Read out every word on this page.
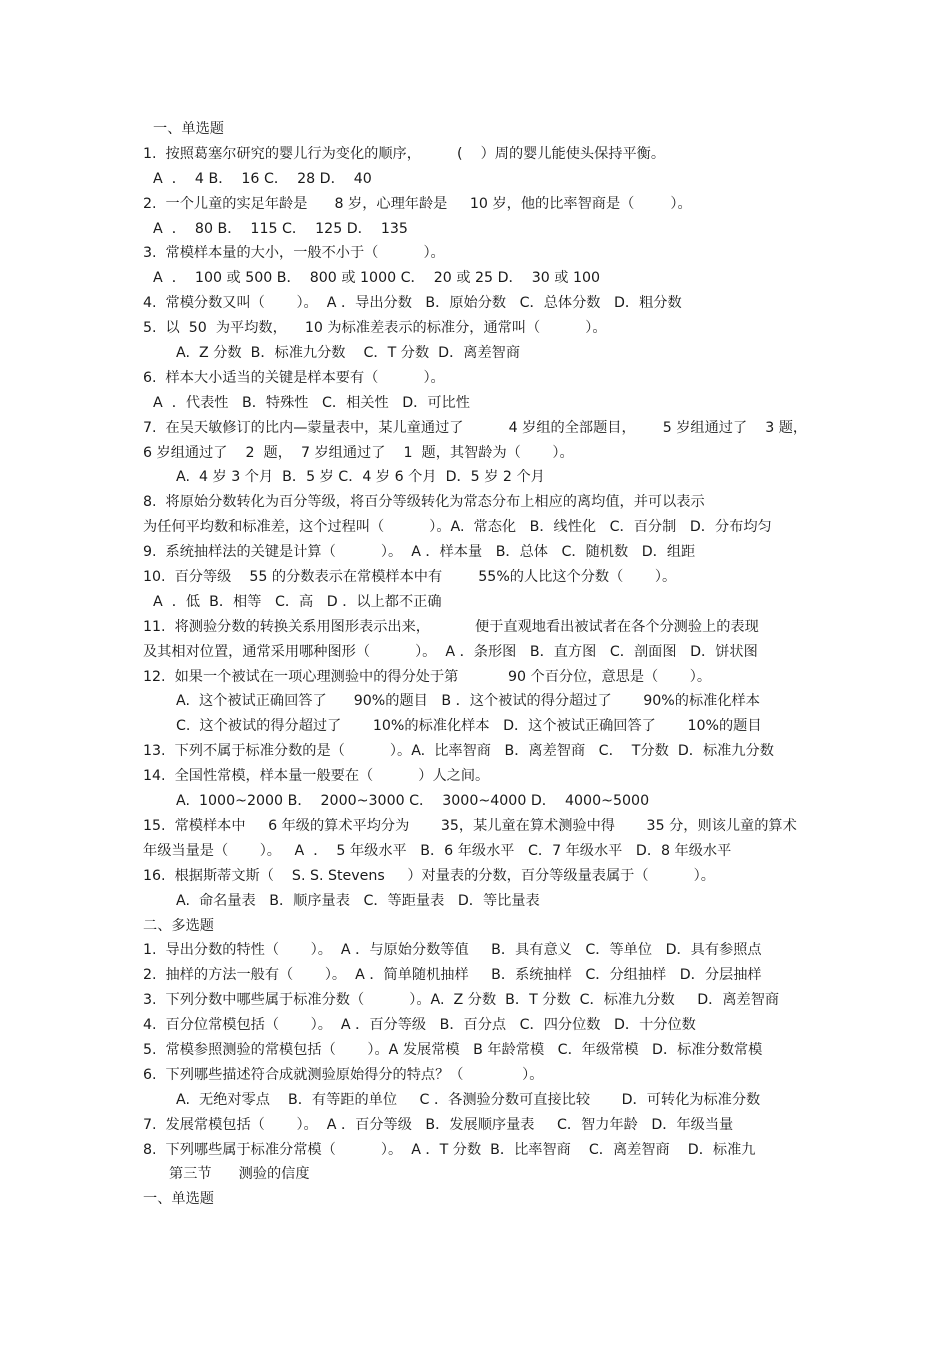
一、单选题
1.  按照葛塞尔研究的婴儿行为变化的顺序，        (    ）周的婴儿能使头保持平衡。
A  ．  4 B．  16 C．  28 D．  40
2.  一个儿童的实足年龄是      8 岁，心理年龄是     10 岁，他的比率智商是（        ）。
A  ．  80 B．  115 C．  125 D．  135
3.  常模样本量的大小，一般不小于（          ）。
A  ．  100 或 500 B．  800 或 1000 C．  20 或 25 D．  30 或 100
4.  常模分数又叫（       ）。  A ．导出分数   B．原始分数   C．总体分数   D．粗分数
5.  以  50  为平均数，    10 为标准差表示的标准分，通常叫（          ）。
A.  Z 分数  B．标准九分数    C．T 分数  D．离差智商
6.  样本大小适当的关键是样本要有（          ）。
A  ．代表性   B．特殊性   C．相关性   D．可比性
7.  在吴天敏修订的比内—蒙量表中，某儿童通过了          4 岁组的全部题目，      5 岁组通过了    3 题，
6 岁组通过了    2  题，  7 岁组通过了    1  题，其智龄为（       ）。
A.  4 岁 3 个月  B．5 岁 C．4 岁 6 个月  D．5 岁 2 个月
8.  将原始分数转化为百分等级，将百分等级转化为常态分布上相应的离均值，并可以表示
为任何平均数和标准差，这个过程叫（          ）。A.  常态化   B．线性化   C．百分制   D．分布均匀
9.  系统抽样法的关键是计算（          ）。  A ．样本量   B．总体   C．随机数   D．组距
10.  百分等级    55 的分数表示在常模样本中有        55%的人比这个分数（       ）。
A  ．低  B．相等   C．高   D ．以上都不正确
11.  将测验分数的转换关系用图形表示出来，          便于直观地看出被试者在各个分测验上的表现
及其相对位置，通常采用哪种图形（          ）。  A ．条形图   B．直方图   C．剖面图   D．饼状图
12.  如果一个被试在一项心理测验中的得分处于第           90 个百分位，意思是（       ）。
A.  这个被试正确回答了      90%的题目   B ．这个被试的得分超过了       90%的标准化样本
C.  这个被试的得分超过了       10%的标准化样本   D．这个被试正确回答了       10%的题目
13.  下列不属于标准分数的是（          ）。A.  比率智商   B．离差智商   C．  T分数  D．标准九分数
14.  全国性常模，样本量一般要在（          ）人之间。
A.  1000~2000 B．  2000~3000 C．  3000~4000 D．  4000~5000
15.  常模样本中     6 年级的算术平均分为       35，某儿童在算术测验中得       35 分，则该儿童的算术
年级当量是（       ）。   A  ．  5 年级水平   B．6 年级水平   C．7 年级水平   D．8 年级水平
16.  根据斯蒂文斯（    S. S. Stevens     ）对量表的分数，百分等级量表属于（          ）。
A.  命名量表   B．顺序量表   C．等距量表   D．等比量表
二、多选题
1.  导出分数的特性（       ）。  A ．与原始分数等值     B．具有意义   C．等单位   D．具有参照点
2.  抽样的方法一般有（       ）。  A ．简单随机抽样     B．系统抽样   C．分组抽样   D．分层抽样
3.  下列分数中哪些属于标准分数（          ）。A.  Z 分数  B．T 分数  C．标准九分数     D．离差智商
4.  百分位常模包括（       ）。  A ．百分等级   B．百分点   C．四分位数   D．十分位数
5.  常模参照测验的常模包括（       ）。A 发展常模   B 年龄常模   C．年级常模   D．标准分数常模
6.  下列哪些描述符合成就测验原始得分的特点？（             ）。
A.  无绝对零点    B．有等距的单位     C ．各测验分数可直接比较       D．可转化为标准分数
7.  发展常模包括（       ）。  A ．百分等级   B．发展顺序量表     C．智力年龄   D．年级当量
8.  下列哪些属于标准分常模（          ）。  A ．T 分数  B．比率智商    C．离差智商    D．标准九
第三节      测验的信度
一、单选题
